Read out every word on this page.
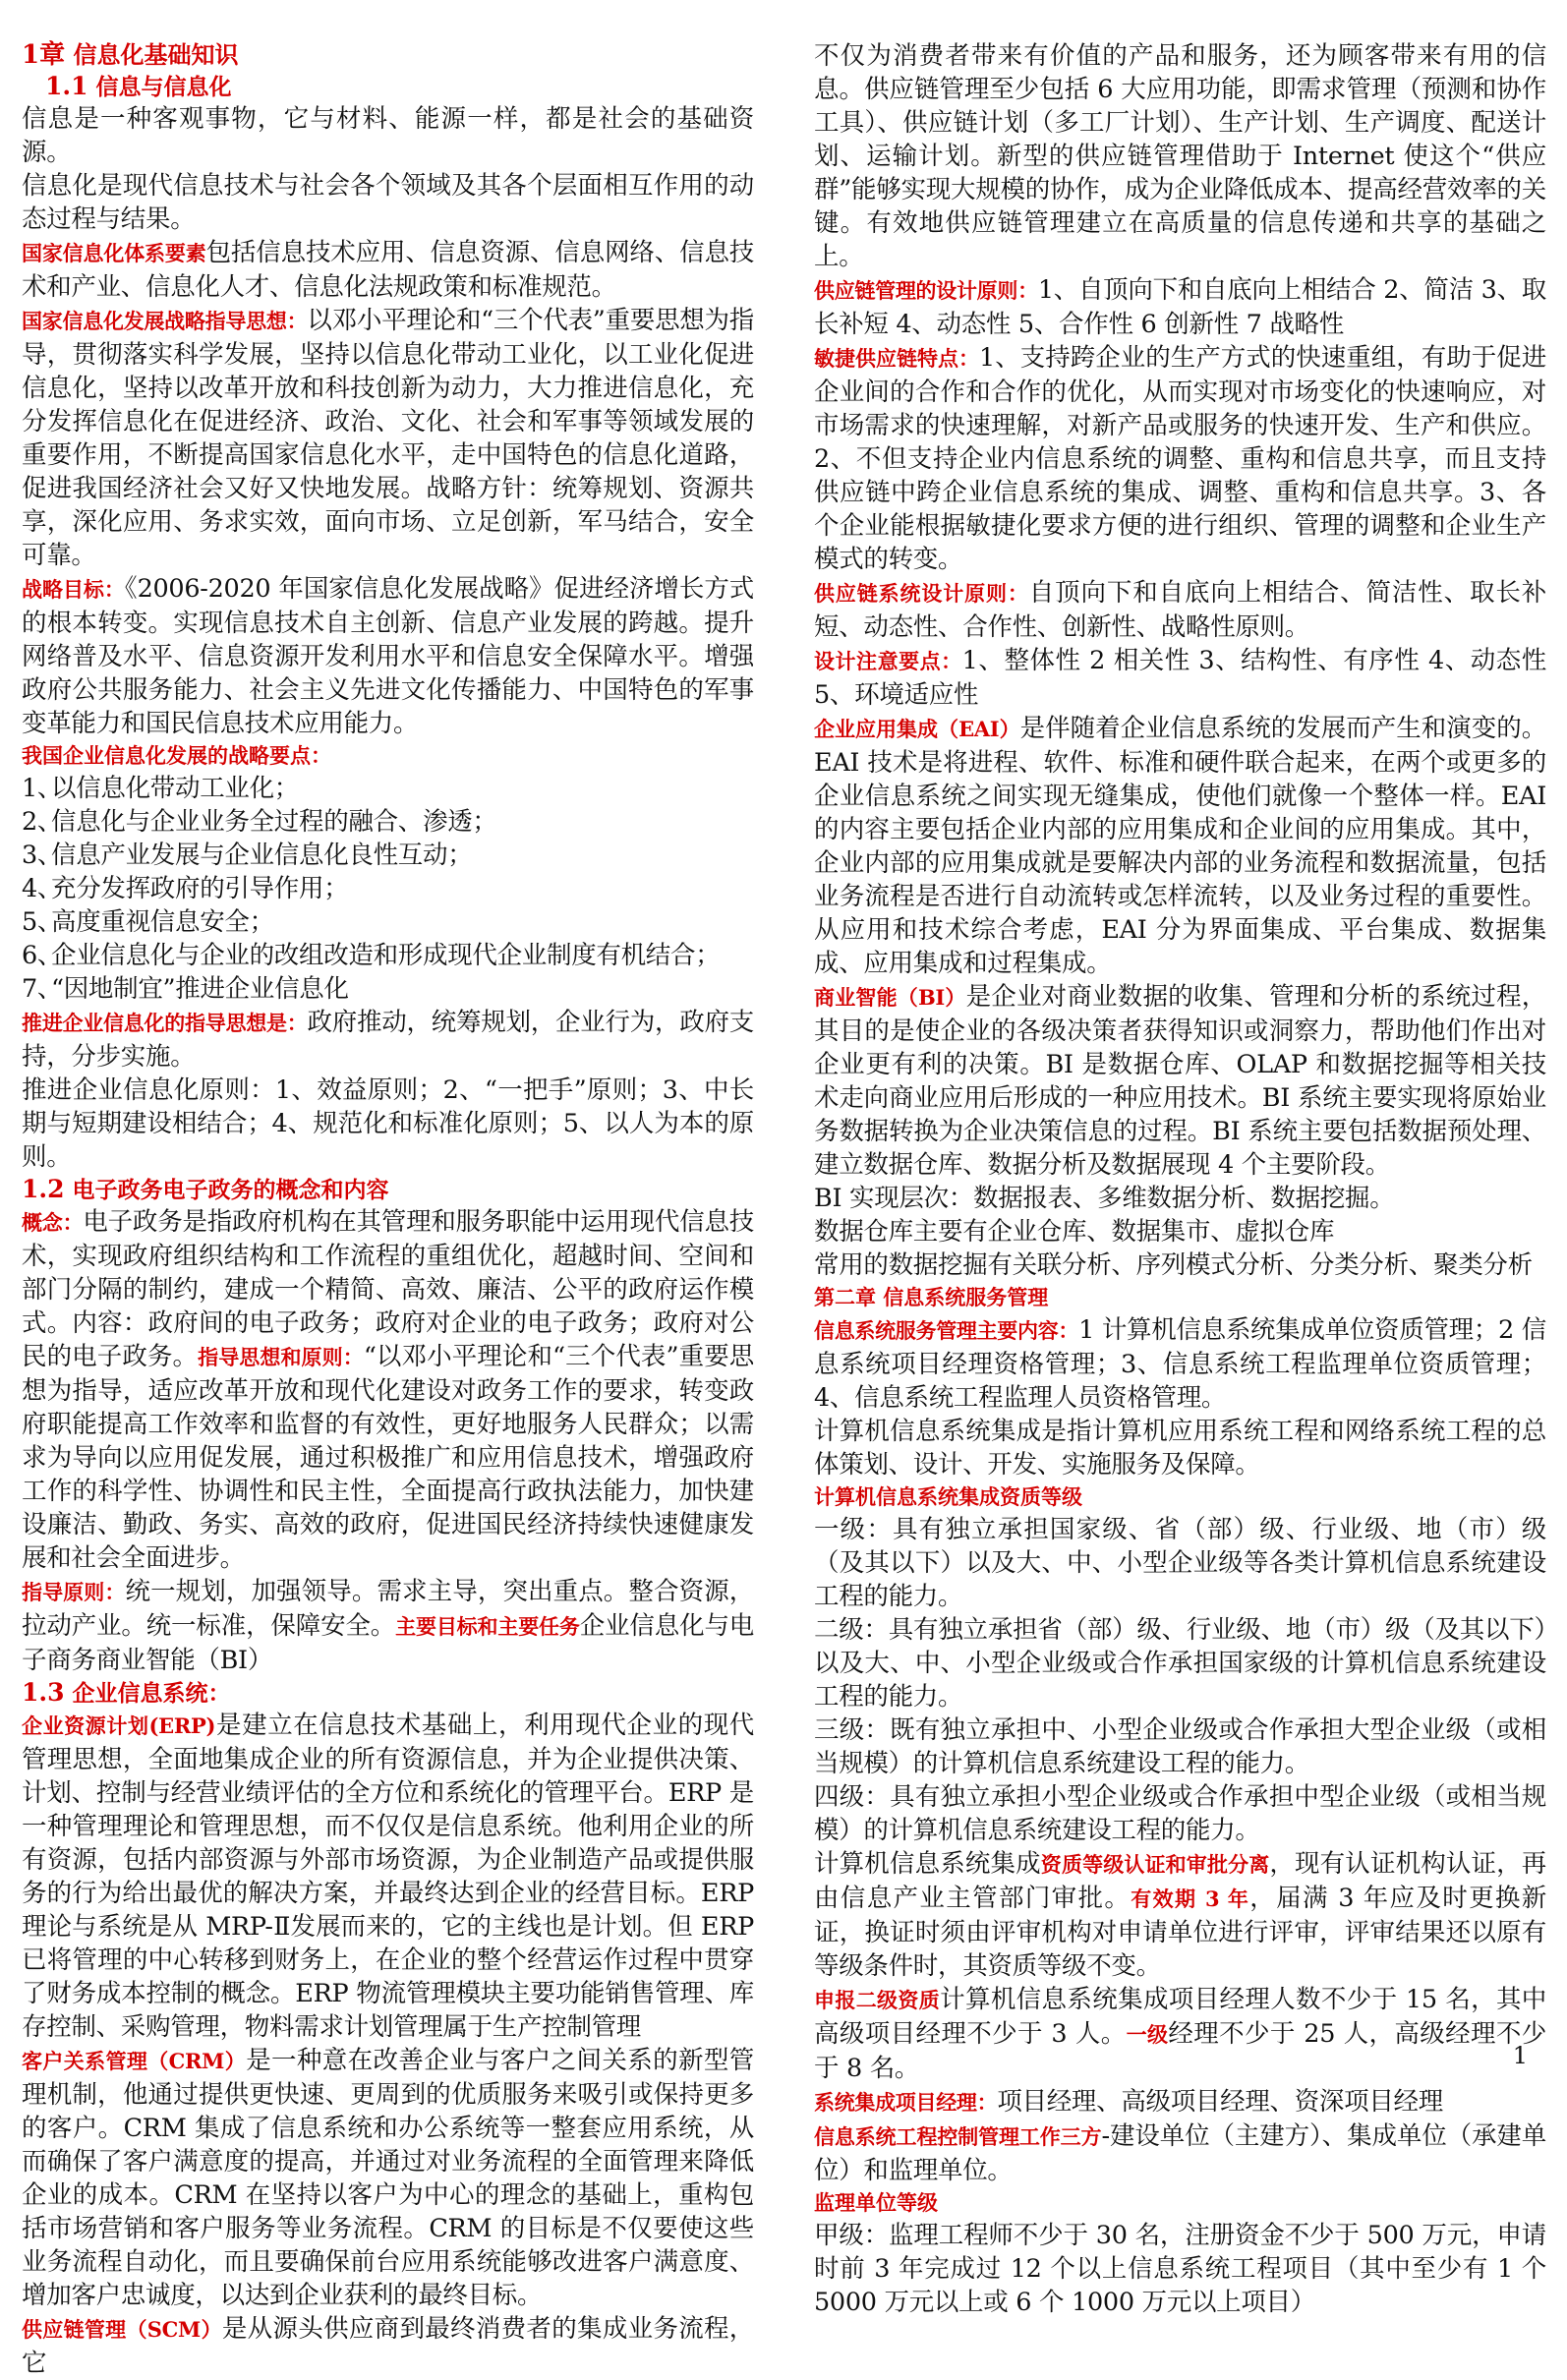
1章 信息化基础知识
1.1 信息与信息化

信息是一种客观事物，它与材料、能源一样，都是社会的基础资源。

信息化是现代信息技术与社会各个领域及其各个层面相互作用的动态过程与结果。

国家信息化体系要素包括信息技术应用、信息资源、信息网络、信息技术和产业、信息化人才、信息化法规政策和标准规范。

国家信息化发展战略指导思想：以邓小平理论和“三个代表”重要思想为指导，贯彻落实科学发展，坚持以信息化带动工业化，以工业化促进信息化，坚持以改革开放和科技创新为动力，大力推进信息化，充分发挥信息化在促进经济、政治、文化、社会和军事等领域发展的重要作用，不断提高国家信息化水平，走中国特色的信息化道路，促进我国经济社会又好又快地发展。战略方针：统筹规划、资源共享，深化应用、务求实效，面向市场、立足创新，军马结合，安全可靠。

战略目标：《2006-2020 年国家信息化发展战略》促进经济增长方式的根本转变。实现信息技术自主创新、信息产业发展的跨越。提升网络普及水平、信息资源开发利用水平和信息安全保障水平。增强政府公共服务能力、社会主义先进文化传播能力、中国特色的军事变革能力和国民信息技术应用能力。

我国企业信息化发展的战略要点：

1、以信息化带动工业化；

2、信息化与企业业务全过程的融合、渗透；

3、信息产业发展与企业信息化良性互动；

4、充分发挥政府的引导作用；

5、高度重视信息安全；

6、企业信息化与企业的改组改造和形成现代企业制度有机结合；

7、“因地制宜”推进企业信息化

推进企业信息化的指导思想是：政府推动，统筹规划，企业行为，政府支持，分步实施。

推进企业信息化原则：1、效益原则；2、“一把手”原则；3、中长期与短期建设相结合；4、规范化和标准化原则；5、以人为本的原则。

1.2 电子政务电子政务的概念和内容

概念：电子政务是指政府机构在其管理和服务职能中运用现代信息技术，实现政府组织结构和工作流程的重组优化，超越时间、空间和部门分隔的制约，建成一个精简、高效、廉洁、公平的政府运作模式。内容：政府间的电子政务；政府对企业的电子政务；政府对公民的电子政务。指导思想和原则：“以邓小平理论和“三个代表”重要思想为指导，适应改革开放和现代化建设对政务工作的要求，转变政府职能提高工作效率和监督的有效性，更好地服务人民群众；以需求为导向以应用促发展，通过积极推广和应用信息技术，增强政府工作的科学性、协调性和民主性，全面提高行政执法能力，加快建设廉洁、勤政、务实、高效的政府，促进国民经济持续快速健康发展和社会全面进步。

指导原则：统一规划，加强领导。需求主导，突出重点。整合资源，拉动产业。统一标准，保障安全。主要目标和主要任务企业信息化与电子商务商业智能（BI）

1.3 企业信息系统：

企业资源计划(ERP)是建立在信息技术基础上，利用现代企业的现代管理思想，全面地集成企业的所有资源信息，并为企业提供决策、计划、控制与经营业绩评估的全方位和系统化的管理平台。ERP 是一种管理理论和管理思想，而不仅仅是信息系统。他利用企业的所有资源，包括内部资源与外部市场资源，为企业制造产品或提供服务的行为给出最优的解决方案，并最终达到企业的经营目标。ERP 理论与系统是从 MRP-Ⅱ发展而来的，它的主线也是计划。但 ERP 已将管理的中心转移到财务上，在企业的整个经营运作过程中贯穿了财务成本控制的概念。ERP 物流管理模块主要功能销售管理、库存控制、采购管理，物料需求计划管理属于生产控制管理

客户关系管理（CRM）是一种意在改善企业与客户之间关系的新型管理机制，他通过提供更快速、更周到的优质服务来吸引或保持更多的客户。CRM 集成了信息系统和办公系统等一整套应用系统，从而确保了客户满意度的提高，并通过对业务流程的全面管理来降低企业的成本。CRM 在坚持以客户为中心的理念的基础上，重构包括市场营销和客户服务等业务流程。CRM 的目标是不仅要使这些业务流程自动化，而且要确保前台应用系统能够改进客户满意度、增加客户忠诚度，以达到企业获利的最终目标。

供应链管理（SCM）是从源头供应商到最终消费者的集成业务流程，它

不仅为消费者带来有价值的产品和服务，还为顾客带来有用的信息。供应链管理至少包括 6 大应用功能，即需求管理（预测和协作工具）、供应链计划（多工厂计划）、生产计划、生产调度、配送计划、运输计划。新型的供应链管理借助于 Internet 使这个“供应群”能够实现大规模的协作，成为企业降低成本、提高经营效率的关键。有效地供应链管理建立在高质量的信息传递和共享的基础之上。

供应链管理的设计原则：1、自顶向下和自底向上相结合 2、简洁 3、取长补短 4、动态性 5、合作性 6 创新性 7 战略性

敏捷供应链特点：1、支持跨企业的生产方式的快速重组，有助于促进企业间的合作和合作的优化，从而实现对市场变化的快速响应，对市场需求的快速理解，对新产品或服务的快速开发、生产和供应。2、不但支持企业内信息系统的调整、重构和信息共享，而且支持供应链中跨企业信息系统的集成、调整、重构和信息共享。3、各个企业能根据敏捷化要求方便的进行组织、管理的调整和企业生产模式的转变。

供应链系统设计原则：自顶向下和自底向上相结合、简洁性、取长补短、动态性、合作性、创新性、战略性原则。

设计注意要点：1、整体性 2 相关性 3、结构性、有序性 4、动态性 5、环境适应性

企业应用集成（EAI）是伴随着企业信息系统的发展而产生和演变的。EAI 技术是将进程、软件、标准和硬件联合起来，在两个或更多的企业信息系统之间实现无缝集成，使他们就像一个整体一样。EAI 的内容主要包括企业内部的应用集成和企业间的应用集成。其中，企业内部的应用集成就是要解决内部的业务流程和数据流量，包括业务流程是否进行自动流转或怎样流转，以及业务过程的重要性。从应用和技术综合考虑，EAI 分为界面集成、平台集成、数据集成、应用集成和过程集成。

商业智能（BI）是企业对商业数据的收集、管理和分析的系统过程，其目的是使企业的各级决策者获得知识或洞察力，帮助他们作出对企业更有利的决策。BI 是数据仓库、OLAP 和数据挖掘等相关技术走向商业应用后形成的一种应用技术。BI 系统主要实现将原始业务数据转换为企业决策信息的过程。BI 系统主要包括数据预处理、建立数据仓库、数据分析及数据展现 4 个主要阶段。

BI 实现层次：数据报表、多维数据分析、数据挖掘。

数据仓库主要有企业仓库、数据集市、虚拟仓库

常用的数据挖掘有关联分析、序列模式分析、分类分析、聚类分析

第二章 信息系统服务管理

信息系统服务管理主要内容：1 计算机信息系统集成单位资质管理；2 信息系统项目经理资格管理；3、信息系统工程监理单位资质管理；4、信息系统工程监理人员资格管理。

计算机信息系统集成是指计算机应用系统工程和网络系统工程的总体策划、设计、开发、实施服务及保障。

计算机信息系统集成资质等级

一级：具有独立承担国家级、省（部）级、行业级、地（市）级（及其以下）以及大、中、小型企业级等各类计算机信息系统建设工程的能力。

二级：具有独立承担省（部）级、行业级、地（市）级（及其以下）以及大、中、小型企业级或合作承担国家级的计算机信息系统建设工程的能力。

三级：既有独立承担中、小型企业级或合作承担大型企业级（或相当规模）的计算机信息系统建设工程的能力。

四级：具有独立承担小型企业级或合作承担中型企业级（或相当规模）的计算机信息系统建设工程的能力。

计算机信息系统集成资质等级认证和审批分离，现有认证机构认证，再由信息产业主管部门审批。有效期 3 年，届满 3 年应及时更换新证，换证时须由评审机构对申请单位进行评审，评审结果还以原有等级条件时，其资质等级不变。

申报二级资质计算机信息系统集成项目经理人数不少于 15 名，其中高级项目经理不少于 3 人。一级经理不少于 25 人，高级经理不少于 8 名。

系统集成项目经理：项目经理、高级项目经理、资深项目经理

信息系统工程控制管理工作三方-建设单位（主建方）、集成单位（承建单位）和监理单位。

监理单位等级

甲级：监理工程师不少于 30 名，注册资金不少于 500 万元，申请时前 3 年完成过 12 个以上信息系统工程项目（其中至少有 1 个 5000 万元以上或 6 个 1000 万元以上项目）

1
